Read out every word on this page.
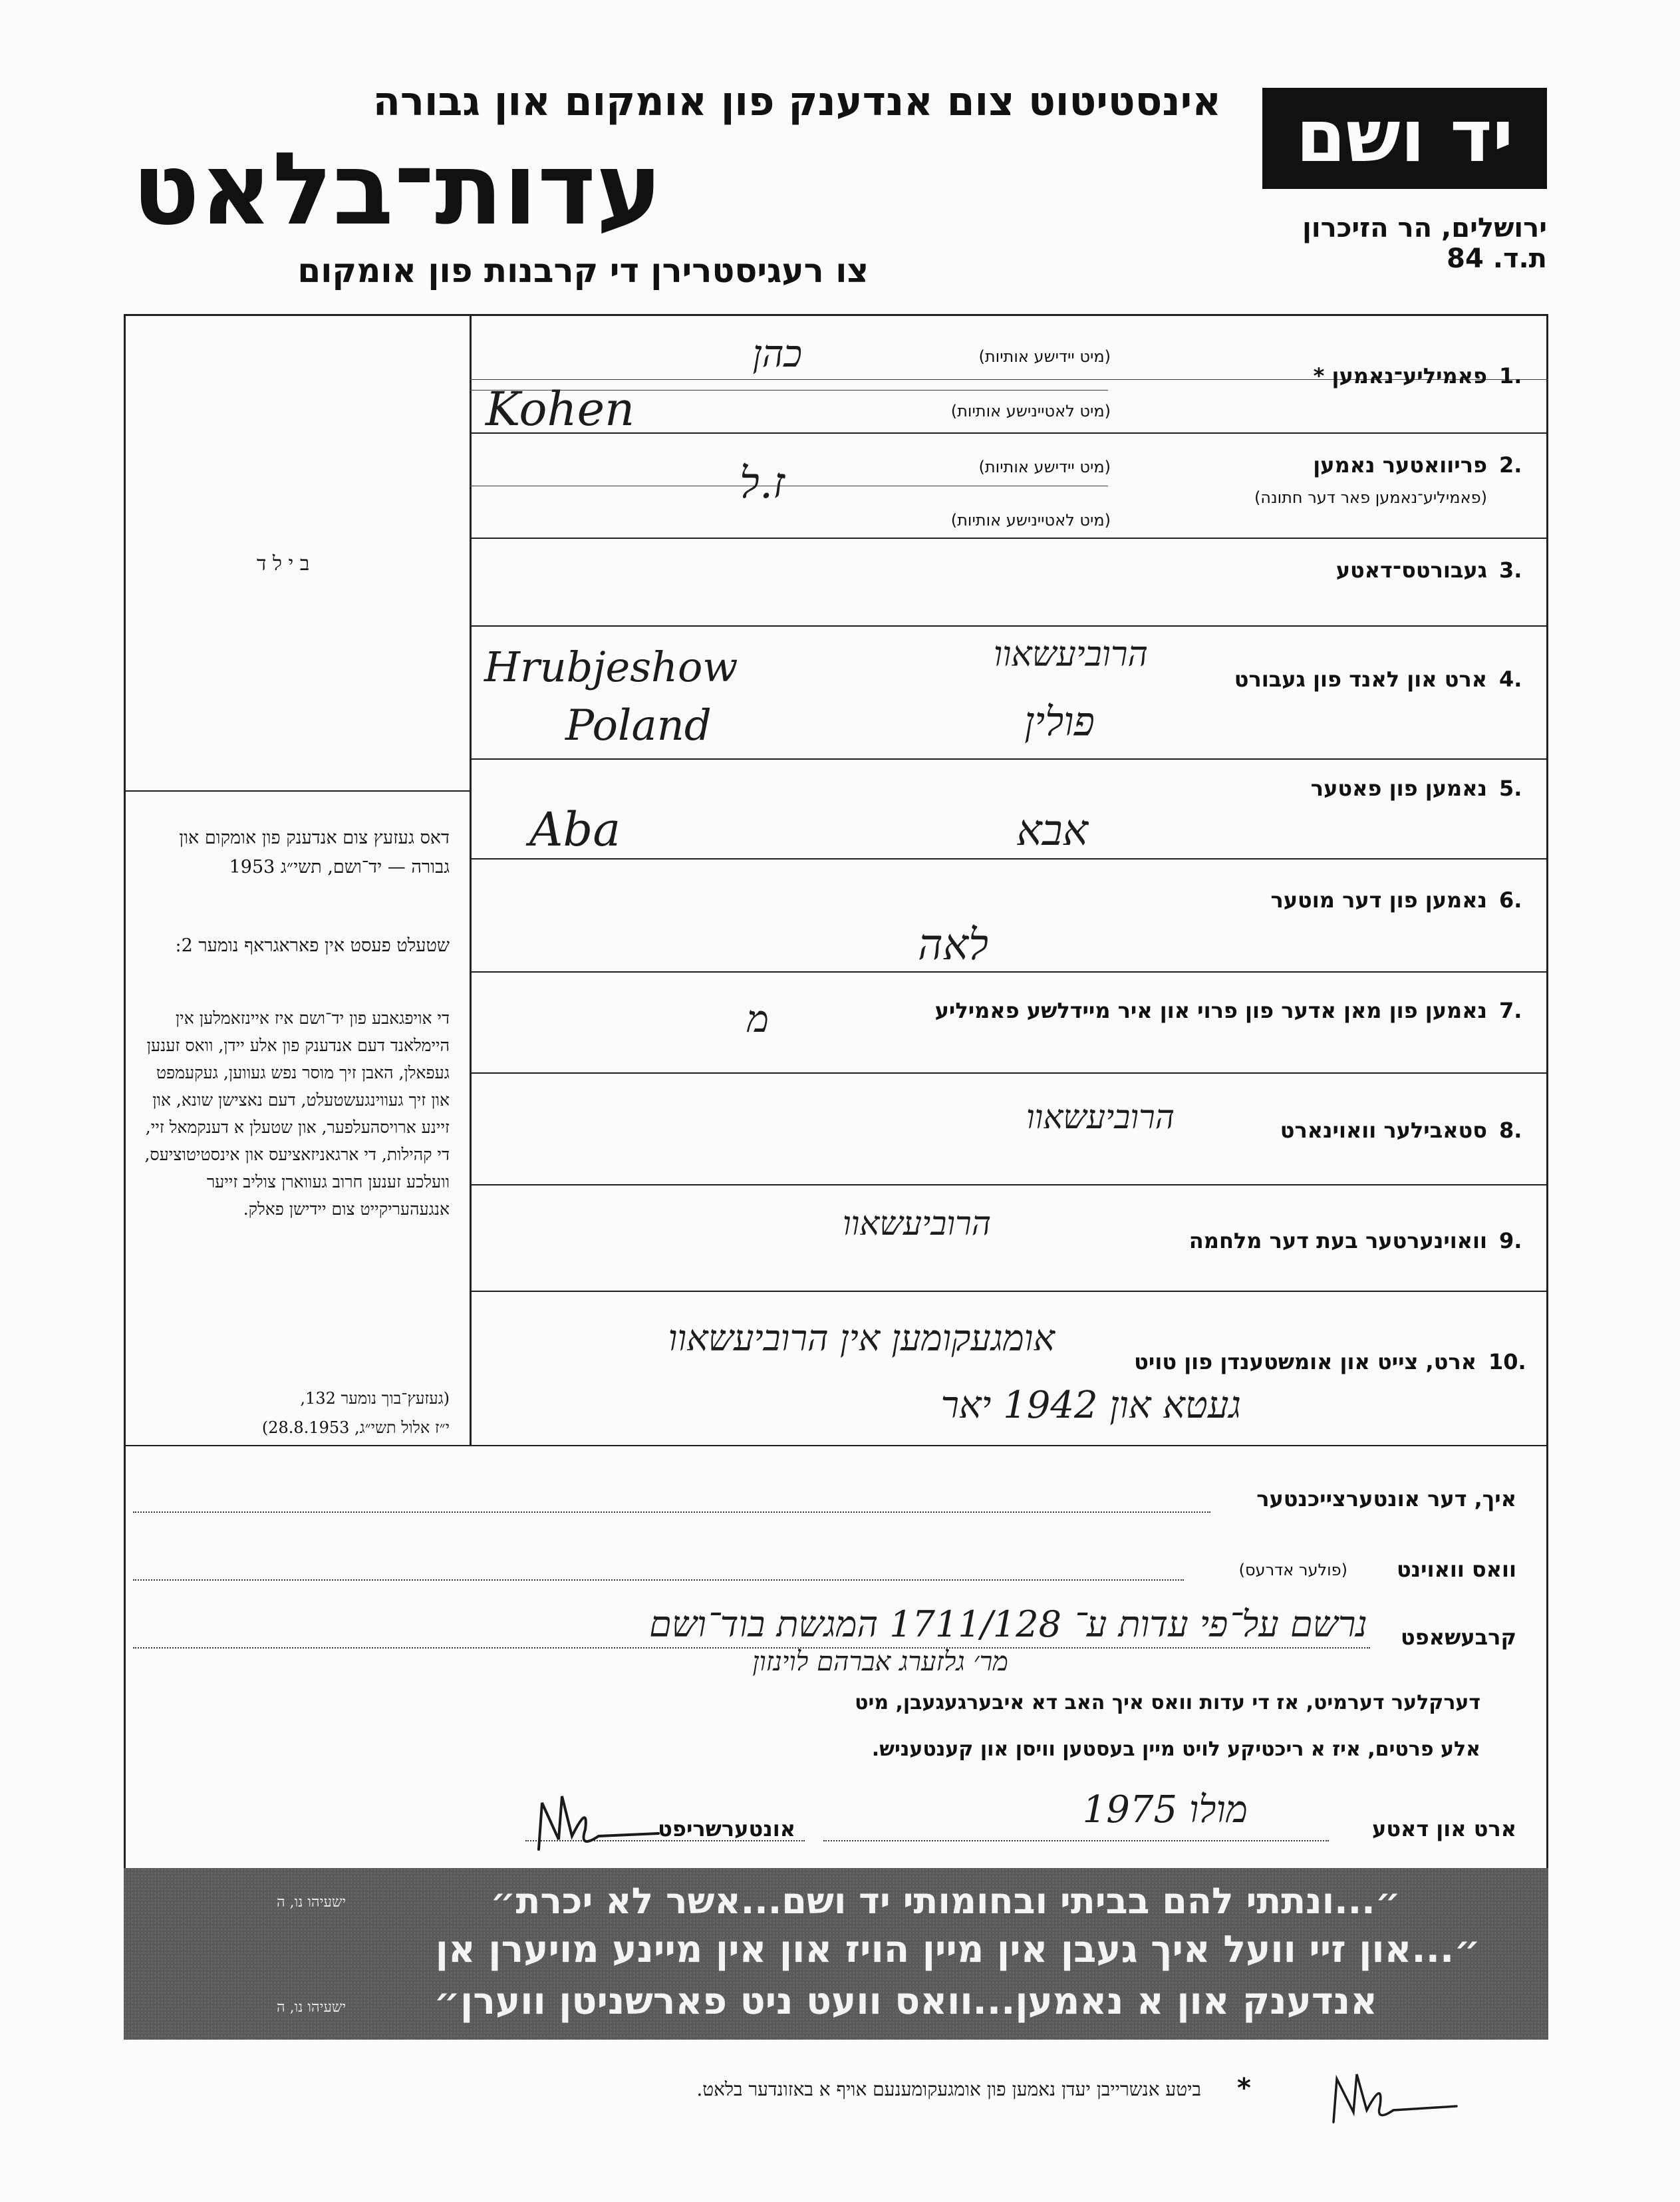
אינסטיטוט צום אנדענק פון אומקום און גבורה
עדות־בלאט
צו רעגיסטרירן די קרבנות פון אומקום
יד ושם
ירושלים, הר הזיכרון
ת.ד. 84
ב י ל ד
דאס געזעץ צום אנדענק פון אומקום און גבורה — יד־ושם, תשי״ג 1953
שטעלט פעסט אין פאראגראף נומער 2:
די אויפגאבע פון יד־ושם איז איינזאמלען אין היימלאנד דעם אנדענק פון אלע יידן, וואס זענען געפאלן, האבן זיך מוסר נפש געווען, געקעמפט און זיך געווינגעשטעלט, דעם נאצישן שונא, און זיינע ארויסהעלפער, און שטעלן א דענקמאל זיי, די קהילות, די ארגאניזאציעס און אינסטיטוציעס, וועלכע זענען חרוב געווארן צוליב זייער אנגעהעריקייט צום יידישן פאלק.
(געזעץ־בוך נומער 132,
י״ז אלול תשי״ג, 28.8.1953)
1.
פאמיליע־נאמען *
(מיט יידישע אותיות)
(מיט לאטיינישע אותיות)
כהן
Kohen
2.
פריוואטער נאמען
(פאמיליע־נאמען פאר דער חתונה)
(מיט יידישע אותיות)
(מיט לאטיינישע אותיות)
ז.ל
3.
געבורטס־דאטע
4.
ארט און לאנד פון געבורט
הרוביעשאוו
פולין
Hrubjeshow
Poland
5.
נאמען פון פאטער
אבא
Aba
6.
נאמען פון דער מוטער
לאה
7.
נאמען פון מאן אדער פון פרוי און איר מיידלשע פאמיליע
מ
8.
סטאבילער וואוינארט
הרוביעשאוו
9.
וואוינערטער בעת דער מלחמה
הרוביעשאוו
10.
ארט, צייט און אומשטענדן פון טויט
אומגעקומען אין הרוביעשאוו
געטא און 1942 יאר
איך, דער אונטערצייכנטער
וואס וואוינט
(פולער אדרעס)
קרבעשאפט
נרשם על־פי עדות ע־ 1711/128 המגשת בוד־ושם
מר׳ גלזערג אברהם לוינזון
דערקלער דערמיט, אז די עדות וואס איך האב דא איבערגעגעבן, מיט
אלע פרטים, איז א ריכטיקע לויט מיין בעסטען וויסן און קענטעניש.
ארט און דאטע
מולו 1975
אונטערשריפט
״...ונתתי להם בביתי ובחומותי יד ושם...אשר לא יכרת״
ישעיהו נו, ה
״...און זיי וועל איך געבן אין מיין הויז און אין מיינע מויערן אן
אנדענק און א נאמען...וואס וועט ניט פארשניטן ווערן״
ישעיהו נו, ה
*
ביטע אנשרייבן יעדן נאמען פון אומגעקומענעם אויף א באזונדער בלאט.
